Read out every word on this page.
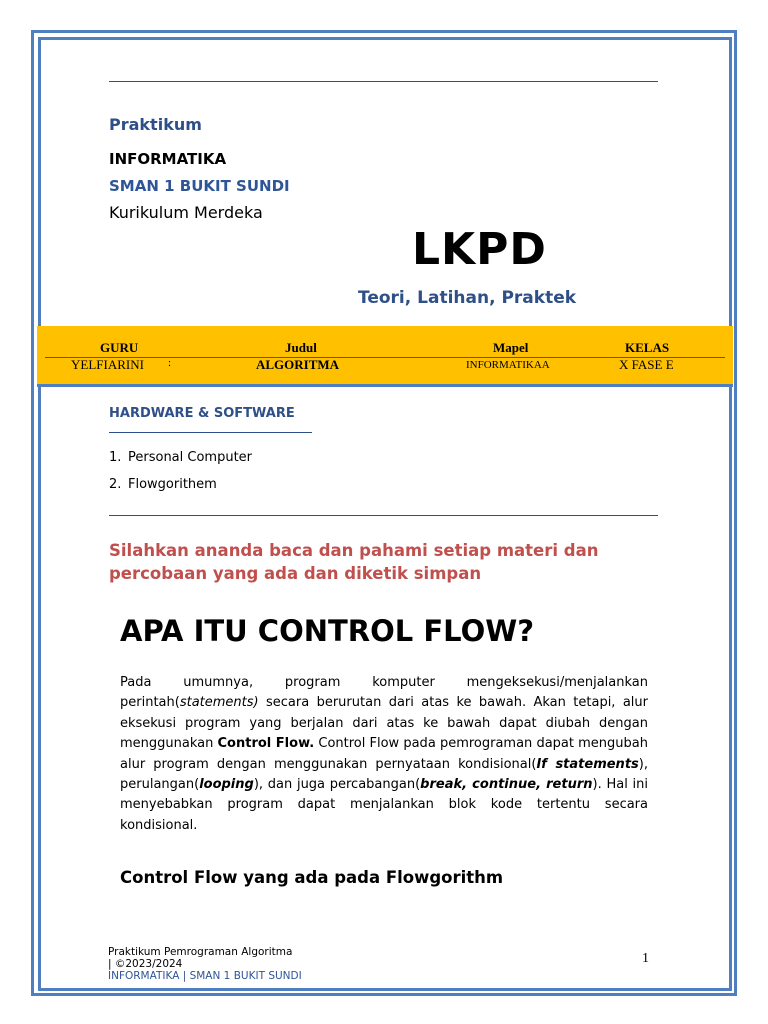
Praktikum
INFORMATIKA
SMAN 1 BUKIT SUNDI
Kurikulum Merdeka
LKPD
Teori, Latihan, Praktek
GURU	Judul	Mapel	KELAS
YELFIARINI :	ALGORITMA	INFORMATIKAA	X FASE E
HARDWARE & SOFTWARE
1. Personal Computer
2. Flowgorithem
Silahkan ananda baca dan pahami setiap materi dan percobaan yang ada dan diketik simpan
APA ITU CONTROL FLOW?
Pada umumnya, program komputer mengeksekusi/menjalankan perintah(statements) secara berurutan dari atas ke bawah. Akan tetapi, alur eksekusi program yang berjalan dari atas ke bawah dapat diubah dengan menggunakan Control Flow. Control Flow pada pemrograman dapat mengubah alur program dengan menggunakan pernyataan kondisional(If statements), perulangan(looping), dan juga percabangan(break, continue, return). Hal ini menyebabkan program dapat menjalankan blok kode tertentu secara kondisional.
Control Flow yang ada pada Flowgorithm
Praktikum Pemrograman Algoritma
| ©2023/2024
INFORMATIKA | SMAN 1 BUKIT SUNDI
1
